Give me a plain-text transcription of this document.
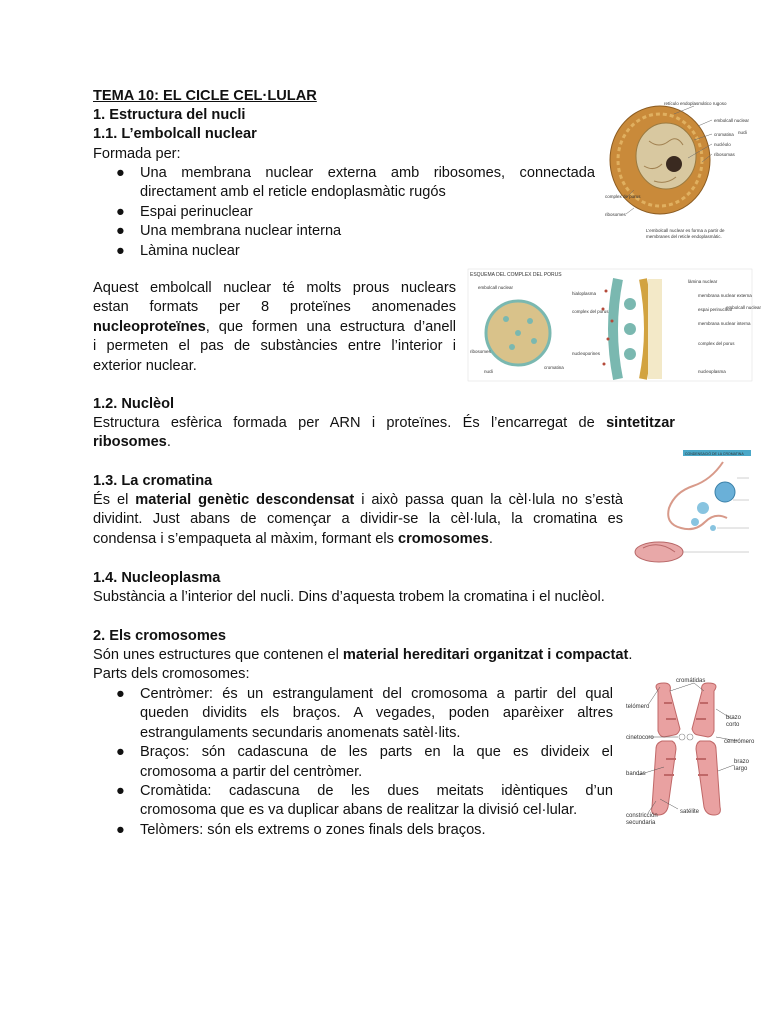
TEMA 10: EL CICLE CEL·LULAR
1. Estructura del nucli
1.1. L’embolcall nuclear
Formada per:
● Una membrana nuclear externa amb ribosomes, connectada
directament amb el reticle endoplasmàtic rugós
● Espai perinuclear
● Una membrana nuclear interna
● Làmina nuclear
Aquest embolcall nuclear té molts prous nuclears
estan formats per 8 proteïnes anomenades
nucleoproteïnes, que formen una estructura d’anell
i permeten el pas de substàncies entre l’interior i
exterior nuclear.
1.2. Nuclèol
Estructura esfèrica formada per ARN i proteïnes. És l’encarregat de sintetitzar
ribosomes.
1.3. La cromatina
És el material genètic descondensat i això passa quan la cèl·lula no s’està
dividint. Just abans de començar a dividir-se la cèl·lula, la cromatina es
condensa i s’empaqueta al màxim, formant els cromosomes.
1.4. Nucleoplasma
Substància a l’interior del nucli. Dins d’aquesta trobem la cromatina i el nuclèol.
2. Els cromosomes
Són unes estructures que contenen el material hereditari organitzat i compactat.
Parts dels cromosomes:
● Centròmer: és un estrangulament del cromosoma a partir del qual
queden dividits els braços. A vegades, poden aparèixer altres
estrangulaments secundaris anomenats satèl·lits.
● Braços: són cadascuna de les parts en la que es divideix el
cromosoma a partir del centròmer.
● Cromàtida: cadascuna de les dues meitats idèntiques d’un
cromosoma que es va duplicar abans de realitzar la divisió cel·lular.
● Telòmers: són els extrems o zones finals dels braços.
retículo endoplasmático rugoso
embolcall nuclear
cromatina
nucléolo
nucli
ribosomas
complex de porus
ribosomes
L’embolcall nuclear es forma a partir de
membranes del reticle endoplasmàtic.
ESQUEMA DEL COMPLEX DEL PORUS
embolcall nuclear
ribosomes
nucli
cromatina
hialoplasma
complex del porus
nucleoporines
làmina nuclear
membrana nuclear externa
espai perinuclear
membrana nuclear interna
embolcall nuclear
complex del porus
nucleoplasma
CONDENSACIÓ DE LA CROMATINA
cromátidas
telómero
brazo
corto
cinetocoro
centrómero
brazo
largo
bandas
satélite
constricción
secundaria
